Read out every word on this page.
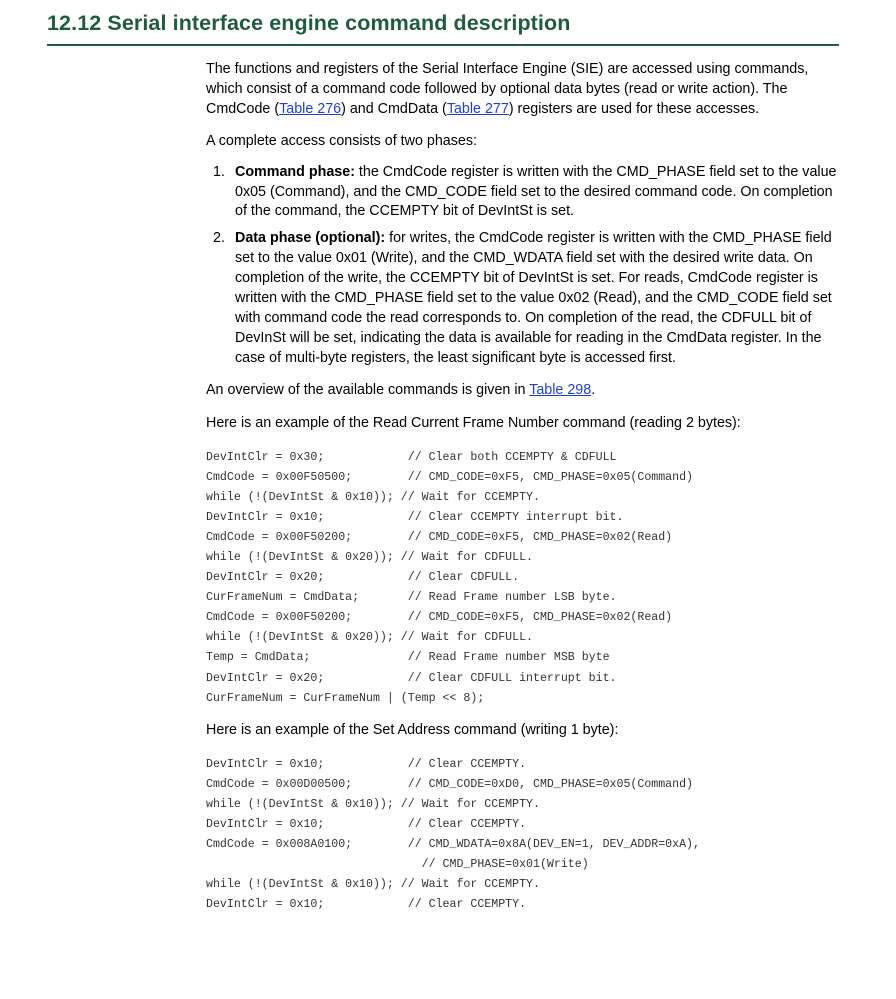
12.12 Serial interface engine command description

The functions and registers of the Serial Interface Engine (SIE) are accessed using commands, which consist of a command code followed by optional data bytes (read or write action). The CmdCode (Table 276) and CmdData (Table 277) registers are used for these accesses.

A complete access consists of two phases:

1. Command phase: the CmdCode register is written with the CMD_PHASE field set to the value 0x05 (Command), and the CMD_CODE field set to the desired command code. On completion of the command, the CCEMPTY bit of DevIntSt is set.
2. Data phase (optional): for writes, the CmdCode register is written with the CMD_PHASE field set to the value 0x01 (Write), and the CMD_WDATA field set with the desired write data. On completion of the write, the CCEMPTY bit of DevIntSt is set. For reads, CmdCode register is written with the CMD_PHASE field set to the value 0x02 (Read), and the CMD_CODE field set with command code the read corresponds to. On completion of the read, the CDFULL bit of DevInSt will be set, indicating the data is available for reading in the CmdData register. In the case of multi-byte registers, the least significant byte is accessed first.

An overview of the available commands is given in Table 298.

Here is an example of the Read Current Frame Number command (reading 2 bytes):

DevIntClr = 0x30;            // Clear both CCEMPTY & CDFULL
CmdCode = 0x00F50500;        // CMD_CODE=0xF5, CMD_PHASE=0x05(Command)
while (!(DevIntSt & 0x10)); // Wait for CCEMPTY.
DevIntClr = 0x10;            // Clear CCEMPTY interrupt bit.
CmdCode = 0x00F50200;        // CMD_CODE=0xF5, CMD_PHASE=0x02(Read)
while (!(DevIntSt & 0x20)); // Wait for CDFULL.
DevIntClr = 0x20;            // Clear CDFULL.
CurFrameNum = CmdData;       // Read Frame number LSB byte.
CmdCode = 0x00F50200;        // CMD_CODE=0xF5, CMD_PHASE=0x02(Read)
while (!(DevIntSt & 0x20)); // Wait for CDFULL.
Temp = CmdData;              // Read Frame number MSB byte
DevIntClr = 0x20;            // Clear CDFULL interrupt bit.
CurFrameNum = CurFrameNum | (Temp << 8);

Here is an example of the Set Address command (writing 1 byte):

DevIntClr = 0x10;            // Clear CCEMPTY.
CmdCode = 0x00D00500;        // CMD_CODE=0xD0, CMD_PHASE=0x05(Command)
while (!(DevIntSt & 0x10)); // Wait for CCEMPTY.
DevIntClr = 0x10;            // Clear CCEMPTY.
CmdCode = 0x008A0100;        // CMD_WDATA=0x8A(DEV_EN=1, DEV_ADDR=0xA),
// CMD_PHASE=0x01(Write)
while (!(DevIntSt & 0x10)); // Wait for CCEMPTY.
DevIntClr = 0x10;            // Clear CCEMPTY.
